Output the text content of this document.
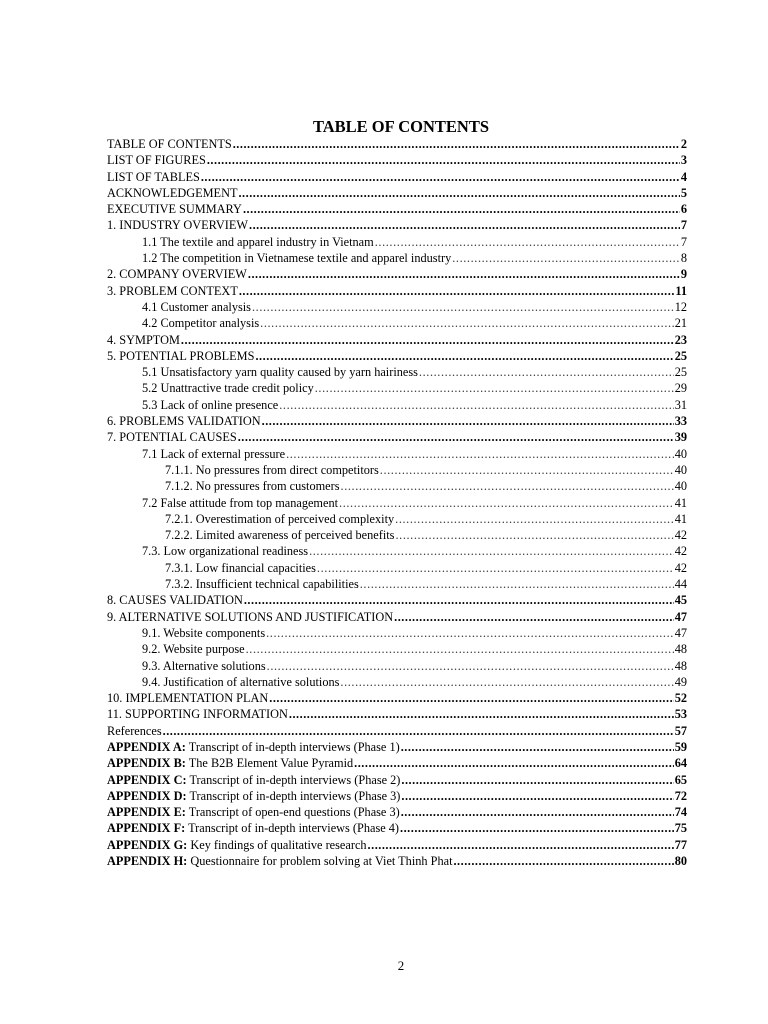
TABLE OF CONTENTS
TABLE OF CONTENTS .....	2
LIST OF FIGURES .....	3
LIST OF TABLES .....	4
ACKNOWLEDGEMENT .....	5
EXECUTIVE SUMMARY .....	6
1. INDUSTRY OVERVIEW .....	7
1.1 The textile and apparel industry in Vietnam .....	7
1.2 The competition in Vietnamese textile and apparel industry .....	8
2. COMPANY OVERVIEW .....	9
3. PROBLEM CONTEXT .....	11
4.1 Customer analysis .....	12
4.2 Competitor analysis .....	21
4. SYMPTOM .....	23
5. POTENTIAL PROBLEMS .....	25
5.1 Unsatisfactory yarn quality caused by yarn hairiness .....	25
5.2 Unattractive trade credit policy .....	29
5.3 Lack of online presence .....	31
6. PROBLEMS VALIDATION .....	33
7. POTENTIAL CAUSES .....	39
7.1 Lack of external pressure .....	40
7.1.1. No pressures from direct competitors .....	40
7.1.2. No pressures from customers .....	40
7.2 False attitude from top management .....	41
7.2.1. Overestimation of perceived complexity .....	41
7.2.2. Limited awareness of perceived benefits .....	42
7.3. Low organizational readiness .....	42
7.3.1. Low financial capacities .....	42
7.3.2. Insufficient technical capabilities .....	44
8. CAUSES VALIDATION .....	45
9. ALTERNATIVE SOLUTIONS AND JUSTIFICATION .....	47
9.1. Website components .....	47
9.2. Website purpose .....	48
9.3. Alternative solutions .....	48
9.4. Justification of alternative solutions .....	49
10. IMPLEMENTATION PLAN .....	52
11. SUPPORTING INFORMATION .....	53
References .....	57
APPENDIX A: Transcript of in-depth interviews (Phase 1) .....	59
APPENDIX B: The B2B Element Value Pyramid .....	64
APPENDIX C: Transcript of in-depth interviews (Phase 2) .....	65
APPENDIX D: Transcript of in-depth interviews (Phase 3) .....	72
APPENDIX E: Transcript of open-end questions (Phase 3) .....	74
APPENDIX F: Transcript of in-depth interviews (Phase 4) .....	75
APPENDIX G: Key findings of qualitative research .....	77
APPENDIX H: Questionnaire for problem solving at Viet Thinh Phat .....	80
2
